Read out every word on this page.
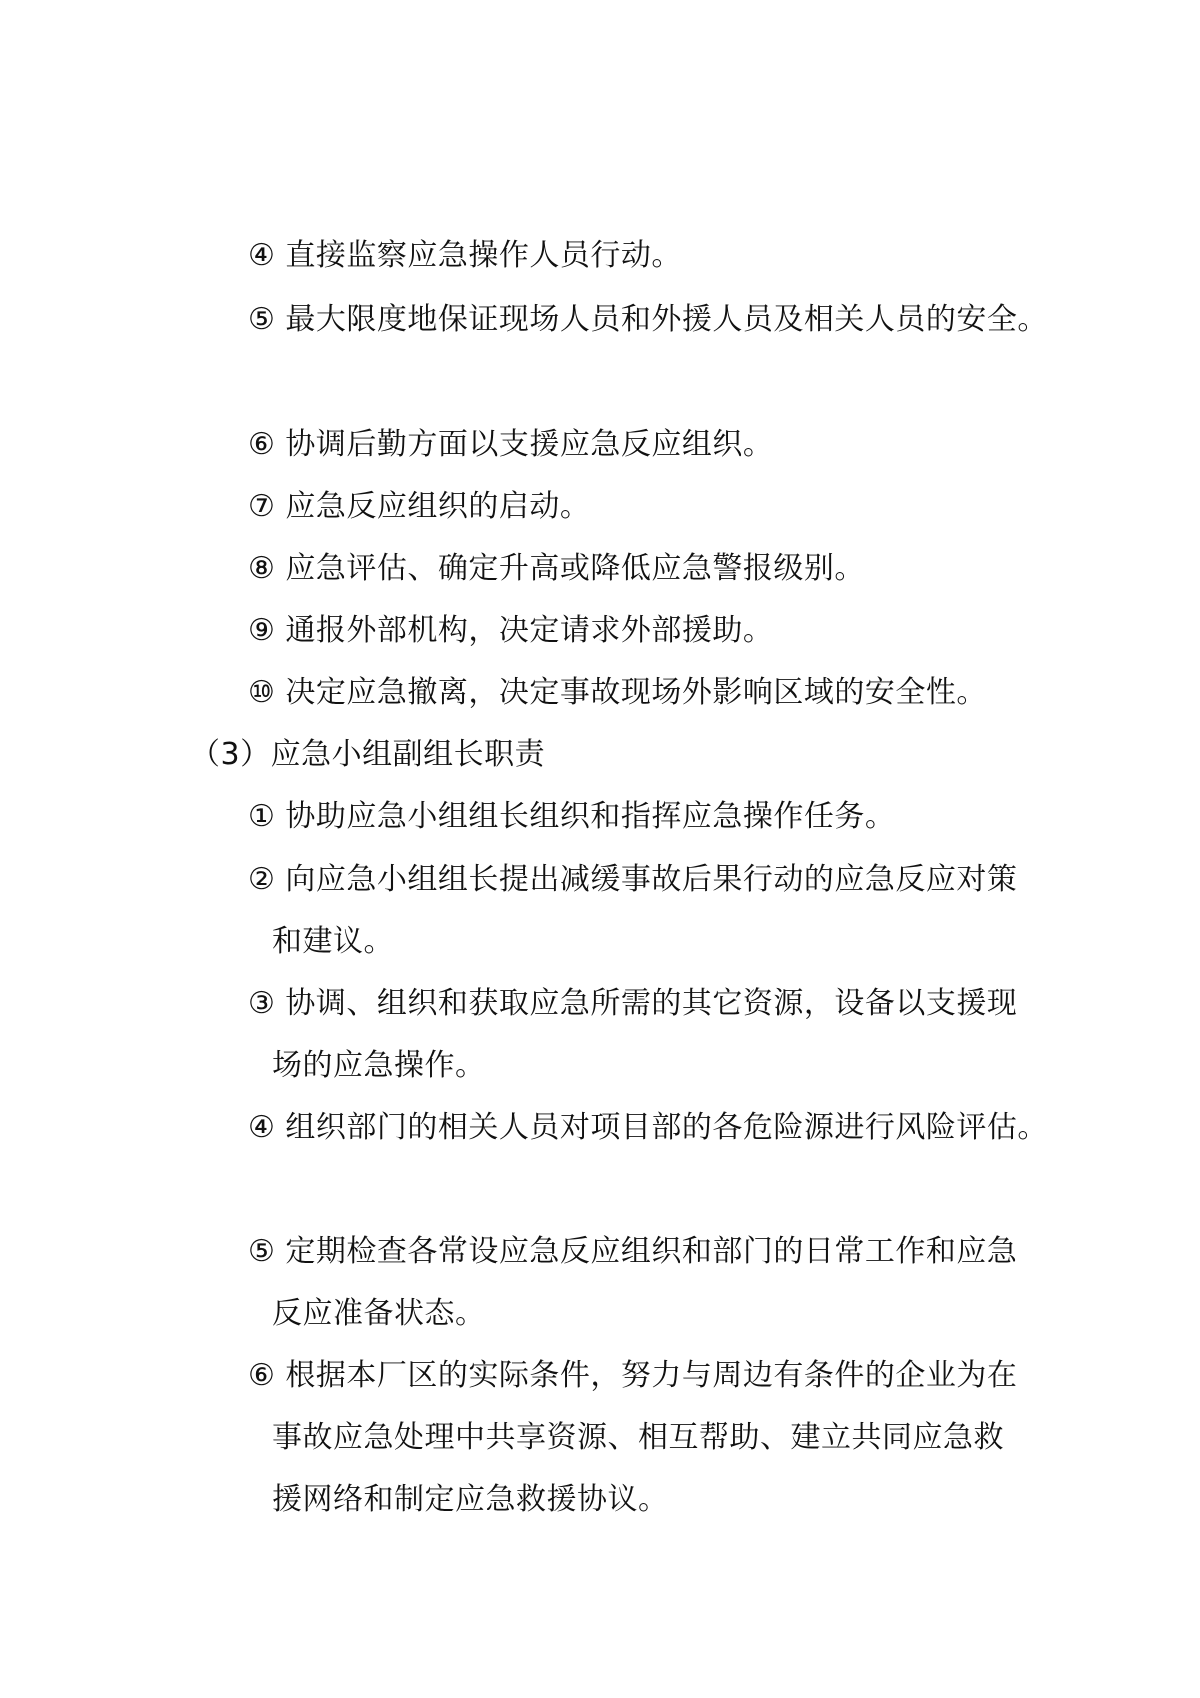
④ 直接监察应急操作人员行动。
⑤ 最大限度地保证现场人员和外援人员及相关人员的安全。
⑥ 协调后勤方面以支援应急反应组织。
⑦ 应急反应组织的启动。
⑧ 应急评估、确定升高或降低应急警报级别。
⑨ 通报外部机构，决定请求外部援助。
⑩ 决定应急撤离，决定事故现场外影响区域的安全性。
（3）应急小组副组长职责
① 协助应急小组组长组织和指挥应急操作任务。
② 向应急小组组长提出减缓事故后果行动的应急反应对策
和建议。
③ 协调、组织和获取应急所需的其它资源，设备以支援现
场的应急操作。
④ 组织部门的相关人员对项目部的各危险源进行风险评估。
⑤ 定期检查各常设应急反应组织和部门的日常工作和应急
反应准备状态。
⑥ 根据本厂区的实际条件，努力与周边有条件的企业为在
事故应急处理中共享资源、相互帮助、建立共同应急救
援网络和制定应急救援协议。
